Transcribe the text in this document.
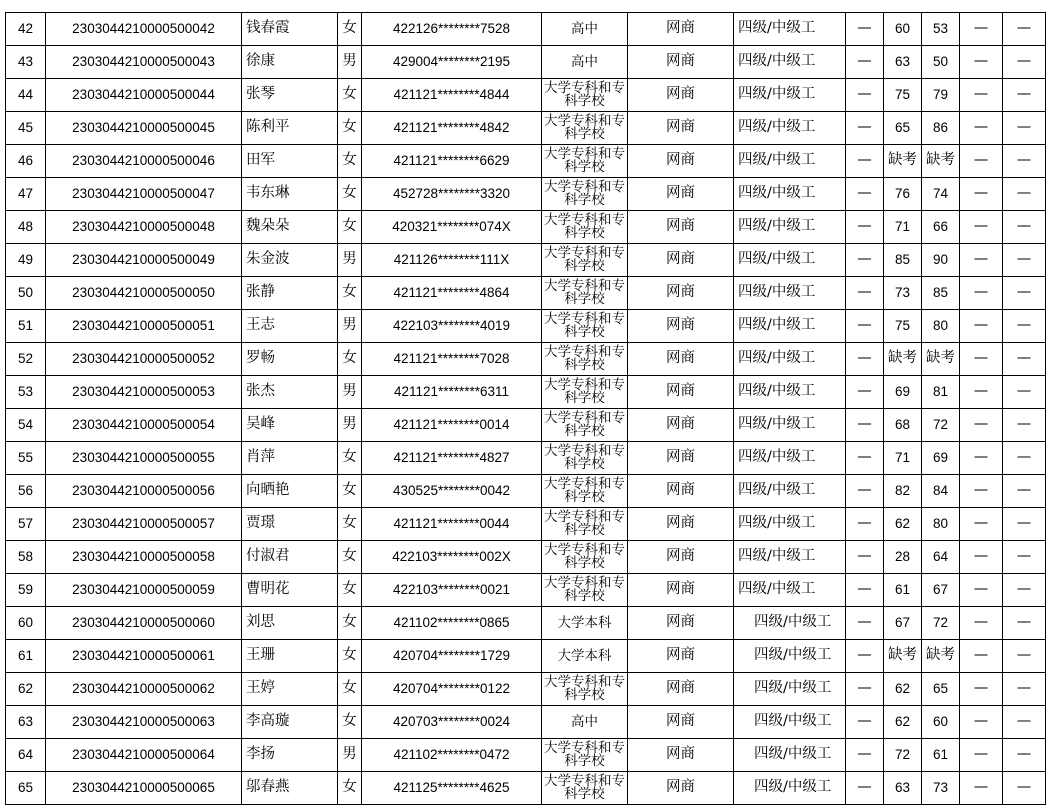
42	2303044210000500042	钱春霞	女	422126********7528	高中	网商	四级/中级工	—	60	53	—	—
43	2303044210000500043	徐康	男	429004********2195	高中	网商	四级/中级工	—	63	50	—	—
44	2303044210000500044	张琴	女	421121********4844	大学专科和专科学校	网商	四级/中级工	—	75	79	—	—
45	2303044210000500045	陈利平	女	421121********4842	大学专科和专科学校	网商	四级/中级工	—	65	86	—	—
46	2303044210000500046	田军	女	421121********6629	大学专科和专科学校	网商	四级/中级工	—	缺考	缺考	—	—
47	2303044210000500047	韦东琳	女	452728********3320	大学专科和专科学校	网商	四级/中级工	—	76	74	—	—
48	2303044210000500048	魏朵朵	女	420321********074X	大学专科和专科学校	网商	四级/中级工	—	71	66	—	—
49	2303044210000500049	朱金波	男	421126********111X	大学专科和专科学校	网商	四级/中级工	—	85	90	—	—
50	2303044210000500050	张静	女	421121********4864	大学专科和专科学校	网商	四级/中级工	—	73	85	—	—
51	2303044210000500051	王志	男	422103********4019	大学专科和专科学校	网商	四级/中级工	—	75	80	—	—
52	2303044210000500052	罗畅	女	421121********7028	大学专科和专科学校	网商	四级/中级工	—	缺考	缺考	—	—
53	2303044210000500053	张杰	男	421121********6311	大学专科和专科学校	网商	四级/中级工	—	69	81	—	—
54	2303044210000500054	吴峰	男	421121********0014	大学专科和专科学校	网商	四级/中级工	—	68	72	—	—
55	2303044210000500055	肖萍	女	421121********4827	大学专科和专科学校	网商	四级/中级工	—	71	69	—	—
56	2303044210000500056	向晒艳	女	430525********0042	大学专科和专科学校	网商	四级/中级工	—	82	84	—	—
57	2303044210000500057	贾璟	女	421121********0044	大学专科和专科学校	网商	四级/中级工	—	62	80	—	—
58	2303044210000500058	付淑君	女	422103********002X	大学专科和专科学校	网商	四级/中级工	—	28	64	—	—
59	2303044210000500059	曹明花	女	422103********0021	大学专科和专科学校	网商	四级/中级工	—	61	67	—	—
60	2303044210000500060	刘思	女	421102********0865	大学本科	网商	四级/中级工	—	67	72	—	—
61	2303044210000500061	王珊	女	420704********1729	大学本科	网商	四级/中级工	—	缺考	缺考	—	—
62	2303044210000500062	王婷	女	420704********0122	大学专科和专科学校	网商	四级/中级工	—	62	65	—	—
63	2303044210000500063	李高璇	女	420703********0024	高中	网商	四级/中级工	—	62	60	—	—
64	2303044210000500064	李扬	男	421102********0472	大学专科和专科学校	网商	四级/中级工	—	72	61	—	—
65	2303044210000500065	邬春燕	女	421125********4625	大学专科和专科学校	网商	四级/中级工	—	63	73	—	—
